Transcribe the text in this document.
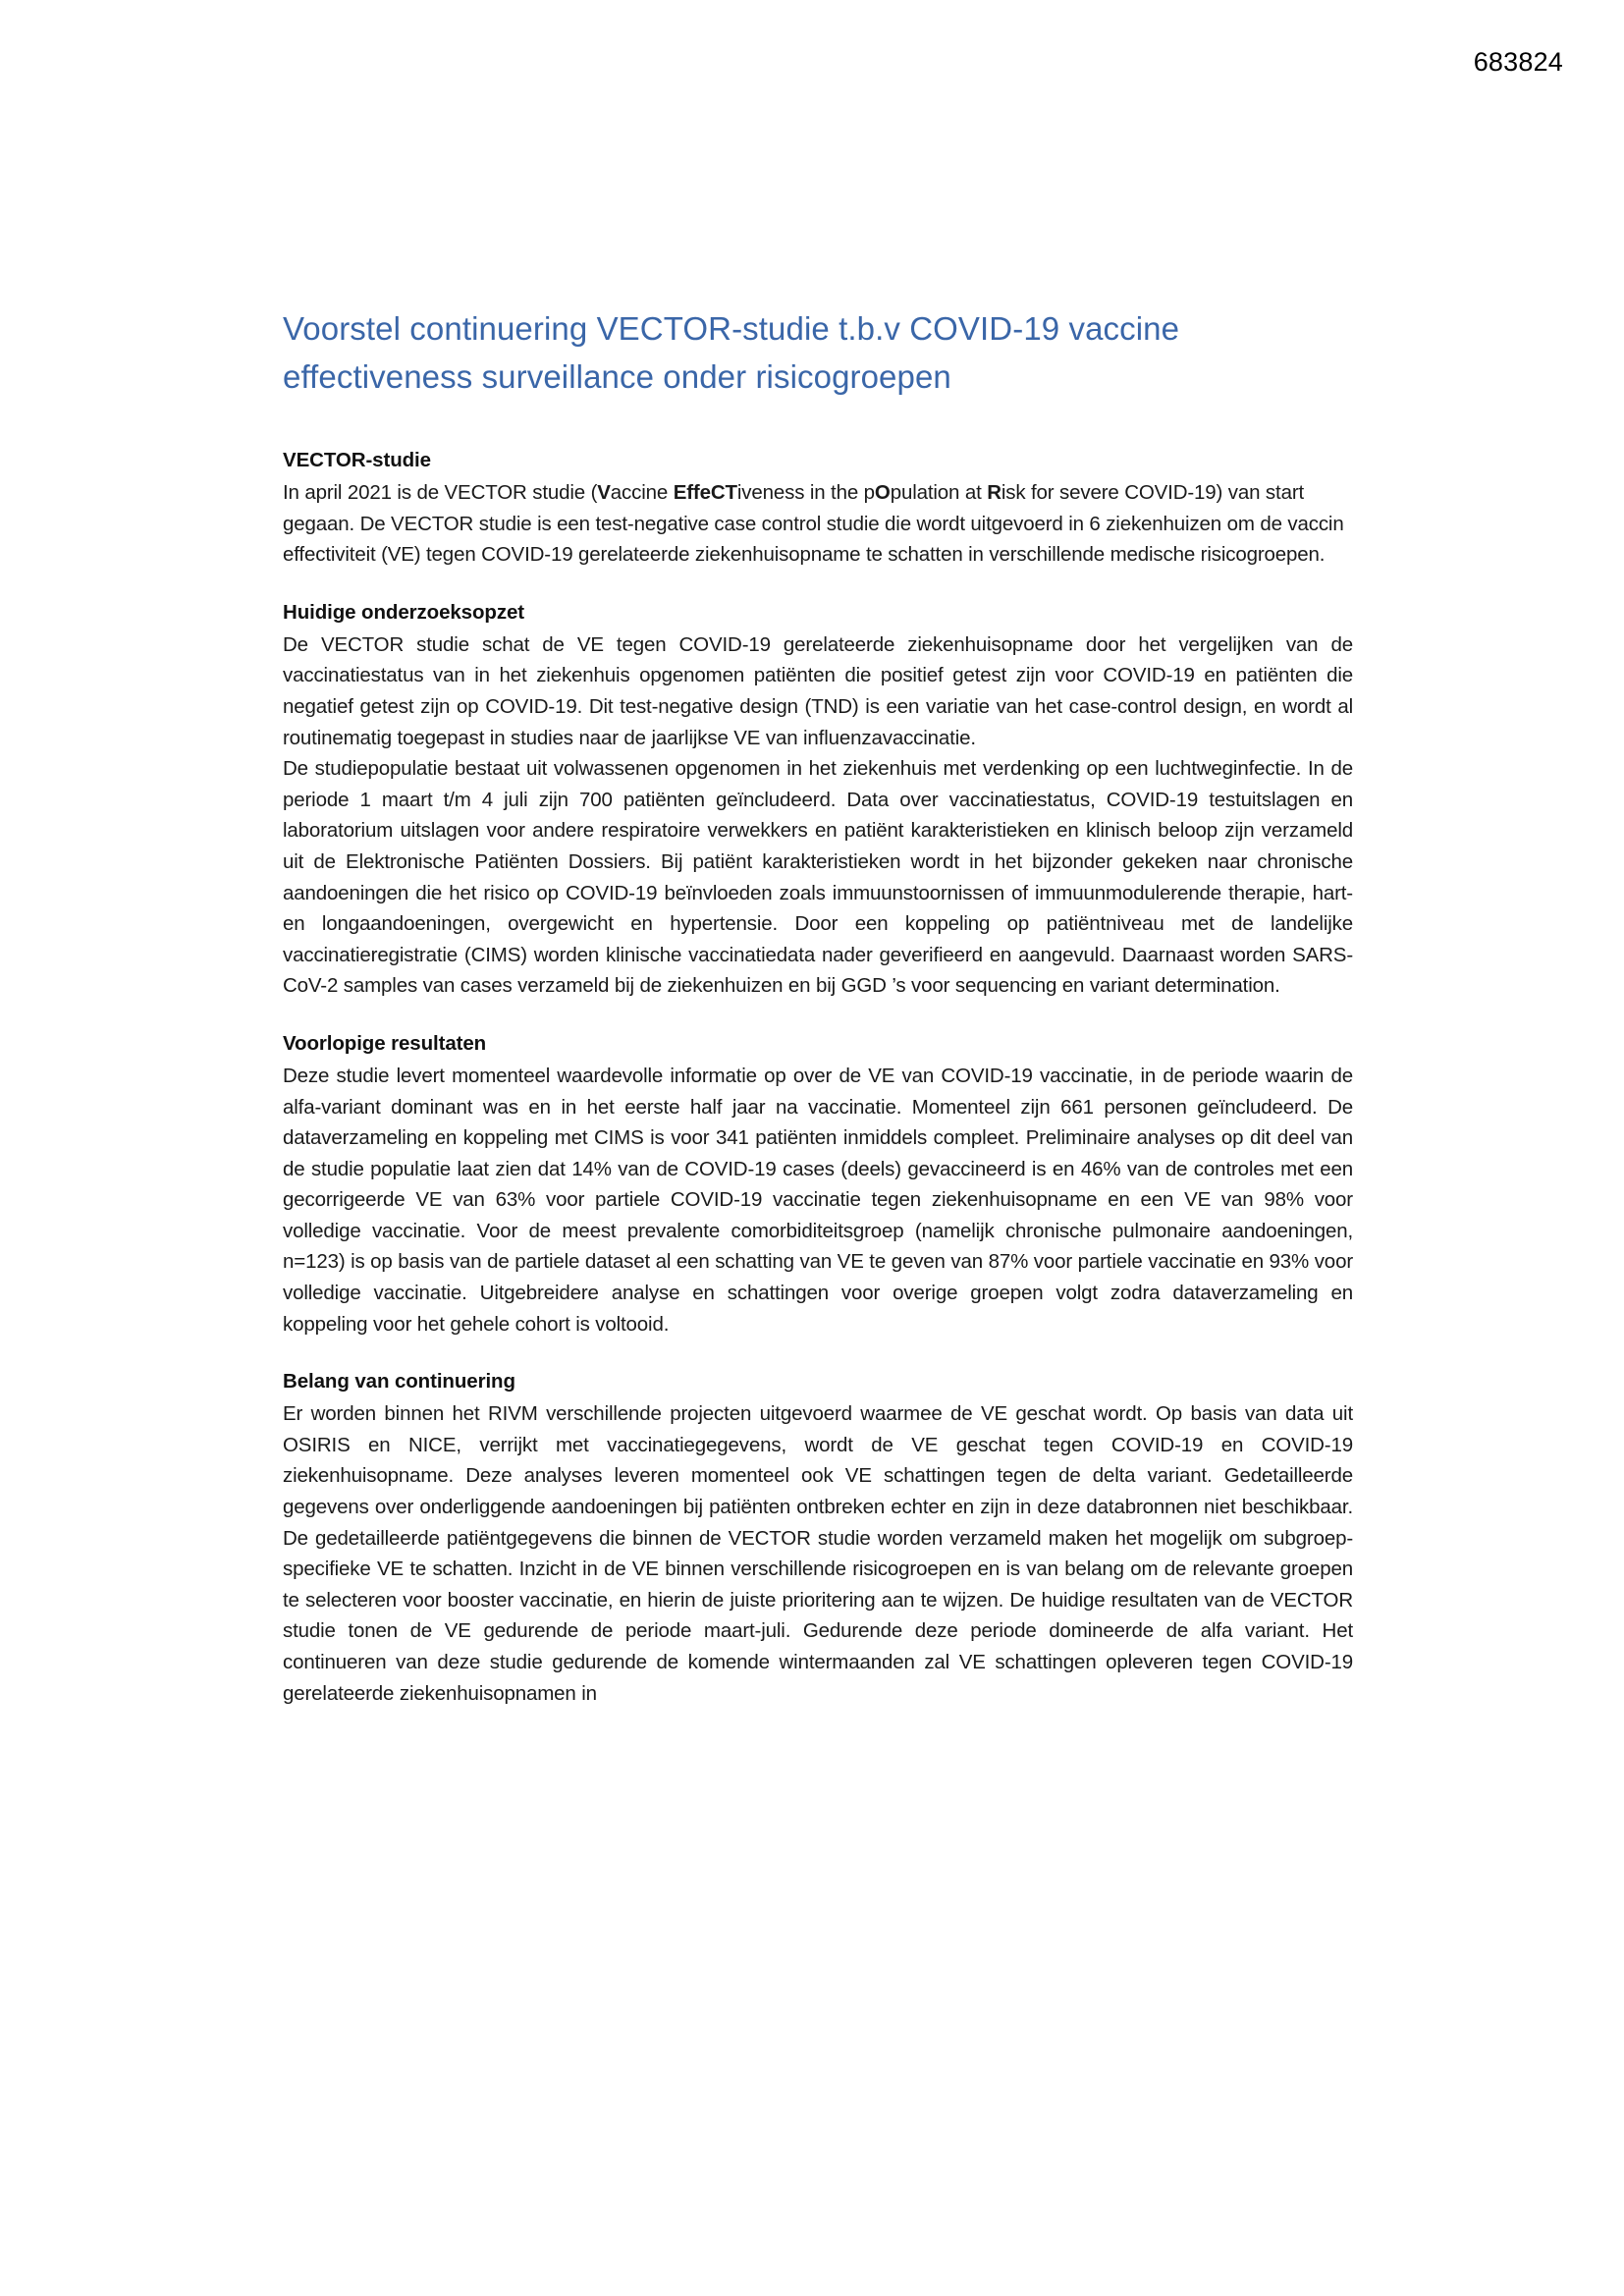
683824
Voorstel continuering VECTOR-studie t.b.v COVID-19 vaccine effectiveness surveillance onder risicogroepen
VECTOR-studie

In april 2021 is de VECTOR studie (Vaccine EffeCTiveness in the pOpulation at Risk for severe COVID-19) van start gegaan. De VECTOR studie is een test-negative case control studie die wordt uitgevoerd in 6 ziekenhuizen om de vaccin effectiviteit (VE) tegen COVID-19 gerelateerde ziekenhuisopname te schatten in verschillende medische risicogroepen.

Huidige onderzoeksopzet

De VECTOR studie schat de VE tegen COVID-19 gerelateerde ziekenhuisopname door het vergelijken van de vaccinatiestatus van in het ziekenhuis opgenomen patiënten die positief getest zijn voor COVID-19 en patiënten die negatief getest zijn op COVID-19. Dit test-negative design (TND) is een variatie van het case-control design, en wordt al routinematig toegepast in studies naar de jaarlijkse VE van influenzavaccinatie.

De studiepopulatie bestaat uit volwassenen opgenomen in het ziekenhuis met verdenking op een luchtweginfectie. In de periode 1 maart t/m 4 juli zijn 700 patiënten geïncludeerd. Data over vaccinatiestatus, COVID-19 testuitslagen en laboratorium uitslagen voor andere respiratoire verwekkers en patiënt karakteristieken en klinisch beloop zijn verzameld uit de Elektronische Patiënten Dossiers. Bij patiënt karakteristieken wordt in het bijzonder gekeken naar chronische aandoeningen die het risico op COVID-19 beïnvloeden zoals immuunstoornissen of immuunmodulerende therapie, hart- en longaandoeningen, overgewicht en hypertensie. Door een koppeling op patiëntniveau met de landelijke vaccinatieregistratie (CIMS) worden klinische vaccinatiedata nader geverifieerd en aangevuld. Daarnaast worden SARS-CoV-2 samples van cases verzameld bij de ziekenhuizen en bij GGD ’s voor sequencing en variant determination.

Voorlopige resultaten

Deze studie levert momenteel waardevolle informatie op over de VE van COVID-19 vaccinatie, in de periode waarin de alfa-variant dominant was en in het eerste half jaar na vaccinatie. Momenteel zijn 661 personen geïncludeerd. De dataverzameling en koppeling met CIMS is voor 341 patiënten inmiddels compleet. Preliminaire analyses op dit deel van de studie populatie laat zien dat 14% van de COVID-19 cases (deels) gevaccineerd is en 46% van de controles met een gecorrigeerde VE van 63% voor partiele COVID-19 vaccinatie tegen ziekenhuisopname en een VE van 98% voor volledige vaccinatie. Voor de meest prevalente comorbiditeitsgroep (namelijk chronische pulmonaire aandoeningen, n=123) is op basis van de partiele dataset al een schatting van VE te geven van 87% voor partiele vaccinatie en 93% voor volledige vaccinatie. Uitgebreidere analyse en schattingen voor overige groepen volgt zodra dataverzameling en koppeling voor het gehele cohort is voltooid.

Belang van continuering

Er worden binnen het RIVM verschillende projecten uitgevoerd waarmee de VE geschat wordt. Op basis van data uit OSIRIS en NICE, verrijkt met vaccinatiegegevens, wordt de VE geschat tegen COVID-19 en COVID-19 ziekenhuisopname. Deze analyses leveren momenteel ook VE schattingen tegen de delta variant. Gedetailleerde gegevens over onderliggende aandoeningen bij patiënten ontbreken echter en zijn in deze databronnen niet beschikbaar. De gedetailleerde patiëntgegevens die binnen de VECTOR studie worden verzameld maken het mogelijk om subgroep-specifieke VE te schatten. Inzicht in de VE binnen verschillende risicogroepen en is van belang om de relevante groepen te selecteren voor booster vaccinatie, en hierin de juiste prioritering aan te wijzen. De huidige resultaten van de VECTOR studie tonen de VE gedurende de periode maart-juli. Gedurende deze periode domineerde de alfa variant. Het continueren van deze studie gedurende de komende wintermaanden zal VE schattingen opleveren tegen COVID-19 gerelateerde ziekenhuisopnamen in
